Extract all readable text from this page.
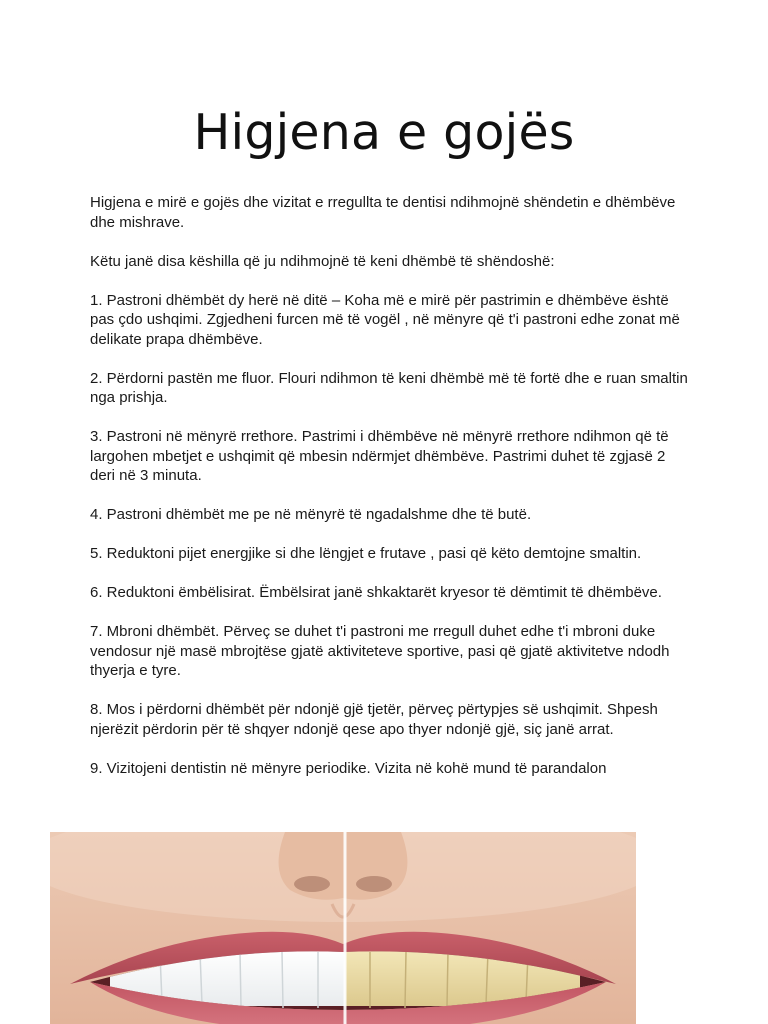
Higjena e gojës

Higjena e mirë e gojës dhe vizitat e rregullta te dentisi ndihmojnë shëndetin e dhëmbëve dhe mishrave.

Këtu janë disa këshilla që ju ndihmojnë të keni dhëmbë të shëndoshë:

1. Pastroni dhëmbët dy herë në ditë – Koha më e mirë për pastrimin e dhëmbëve është pas çdo ushqimi. Zgjedheni furcen më të vogël , në mënyre që t'i pastroni edhe zonat më delikate prapa dhëmbëve.

2. Përdorni pastën me fluor. Flouri ndihmon të keni dhëmbë më të fortë dhe e ruan smaltin nga prishja.

3. Pastroni në mënyrë rrethore. Pastrimi i dhëmbëve në mënyrë rrethore ndihmon që të largohen mbetjet e ushqimit që mbesin ndërmjet dhëmbëve. Pastrimi duhet të zgjasë 2 deri në 3 minuta.

4. Pastroni dhëmbët me pe në mënyrë të ngadalshme dhe të butë.

5. Reduktoni pijet energjike si dhe lëngjet e frutave , pasi që këto demtojne smaltin.

6. Reduktoni ëmbëlisirat. Ëmbëlsirat janë shkaktarët kryesor të dëmtimit të dhëmbëve.

7. Mbroni dhëmbët. Përveç se duhet t'i pastroni me rregull duhet edhe t'i mbroni duke vendosur një masë mbrojtëse gjatë aktiviteteve sportive, pasi që gjatë aktivitetve ndodh thyerja e tyre.

8. Mos i përdorni dhëmbët për ndonjë gjë tjetër, përveç përtypjes së ushqimit. Shpesh njerëzit përdorin për të shqyer ndonjë qese apo thyer ndonjë gjë, siç janë arrat.

9. Vizitojeni dentistin në mënyre periodike. Vizita në kohë mund të parandalon
